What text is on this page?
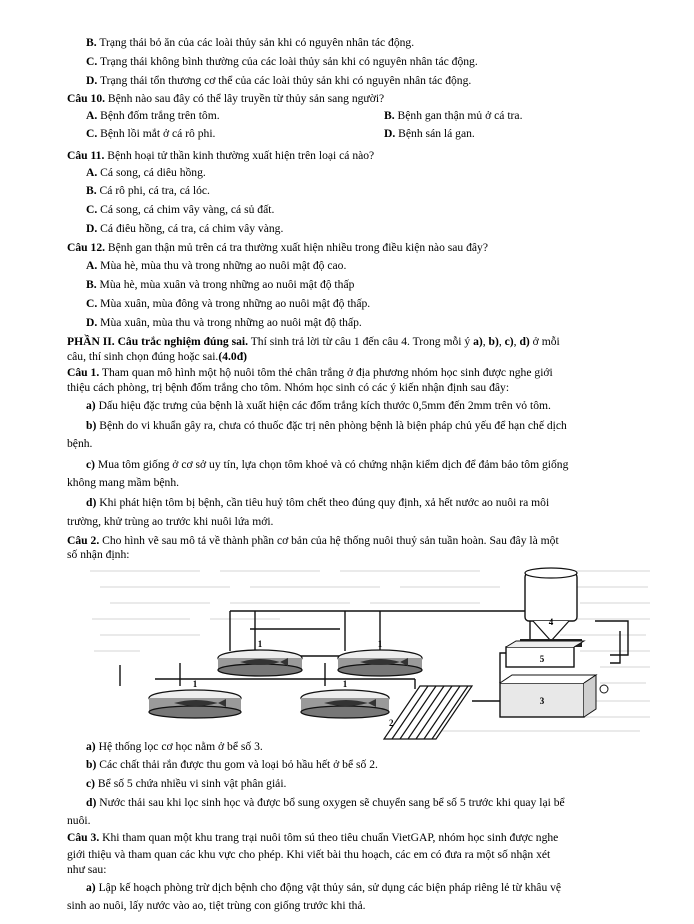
B. Trạng thái bỏ ăn của các loài thủy sản khi có nguyên nhân tác động.
C. Trạng thái không bình thường của các loài thủy sản khi có nguyên nhân tác động.
D. Trạng thái tổn thương cơ thể của các loài thủy sản khi có nguyên nhân tác động.
Câu 10. Bệnh nào sau đây có thể lây truyền từ thủy sản sang người?
A. Bệnh đốm trắng trên tôm.	B. Bệnh gan thận mủ ở cá tra.
C. Bệnh lồi mắt ở cá rô phi.	D. Bệnh sán lá gan.
Câu 11. Bệnh hoại tử thần kinh thường xuất hiện trên loại cá nào?
A. Cá song, cá diêu hồng.
B. Cá rô phi, cá tra, cá lóc.
C. Cá song, cá chim vây vàng, cá sủ đất.
D. Cá điêu hồng, cá tra, cá chim vây vàng.
Câu 12. Bệnh gan thận mủ trên cá tra thường xuất hiện nhiều trong điều kiện nào sau đây?
A. Mùa hè, mùa thu và trong những ao nuôi mật độ cao.
B. Mùa hè, mùa xuân và trong những ao nuôi mật độ thấp
C. Mùa xuân, mùa đông và trong những ao nuôi mật độ thấp.
D. Mùa xuân, mùa thu và trong những ao nuôi mật độ thấp.
PHẦN II. Câu trắc nghiệm đúng sai. Thí sinh trả lời từ câu 1 đến câu 4. Trong mỗi ý a), b), c), d) ở mỗi
câu, thí sinh chọn đúng hoặc sai.(4.0đ)
Câu 1. Tham quan mô hình một hộ nuôi tôm thẻ chân trắng ở địa phương nhóm học sinh được nghe giới
thiệu cách phòng, trị bệnh đốm trắng cho tôm. Nhóm học sinh có các ý kiến nhận định sau đây:
a) Dấu hiệu đặc trưng của bệnh là xuất hiện các đốm trắng kích thước 0,5mm đến 2mm trên vỏ tôm.
b) Bệnh do vi khuẩn gây ra, chưa có thuốc đặc trị nên phòng bệnh là biện pháp chủ yếu để hạn chế dịch
bệnh.
c) Mua tôm giống ở cơ sở uy tín, lựa chọn tôm khoẻ và có chứng nhận kiểm dịch để đảm bảo tôm giống
không mang mầm bệnh.
d) Khi phát hiện tôm bị bệnh, cần tiêu huỷ tôm chết theo đúng quy định, xả hết nước ao nuôi ra môi
trường, khử trùng ao trước khi nuôi lứa mới.
Câu 2. Cho hình vẽ sau mô tả về thành phần cơ bản của hệ thống nuôi thuỷ sản tuần hoàn. Sau đây là một
số nhận định:
4
5
3
1	1
1	1
2
a) Hệ thống lọc cơ học nằm ở bể số 3.
b) Các chất thải rắn được thu gom và loại bỏ hầu hết ở bể số 2.
c) Bể số 5 chứa nhiều vi sinh vật phân giải.
d) Nước thải sau khi lọc sinh học và được bổ sung oxygen sẽ chuyển sang bể số 5 trước khi quay lại bể
nuôi.
Câu 3. Khi tham quan một khu trang trại nuôi tôm sú theo tiêu chuẩn VietGAP, nhóm học sinh được nghe
giới thiệu và tham quan các khu vực cho phép. Khi viết bài thu hoạch, các em có đưa ra một số nhận xét
như sau:
a) Lập kế hoạch phòng trừ dịch bệnh cho động vật thủy sản, sử dụng các biện pháp riêng lẻ từ khâu vệ
sinh ao nuôi, lấy nước vào ao, tiệt trùng con giống trước khi thả.
